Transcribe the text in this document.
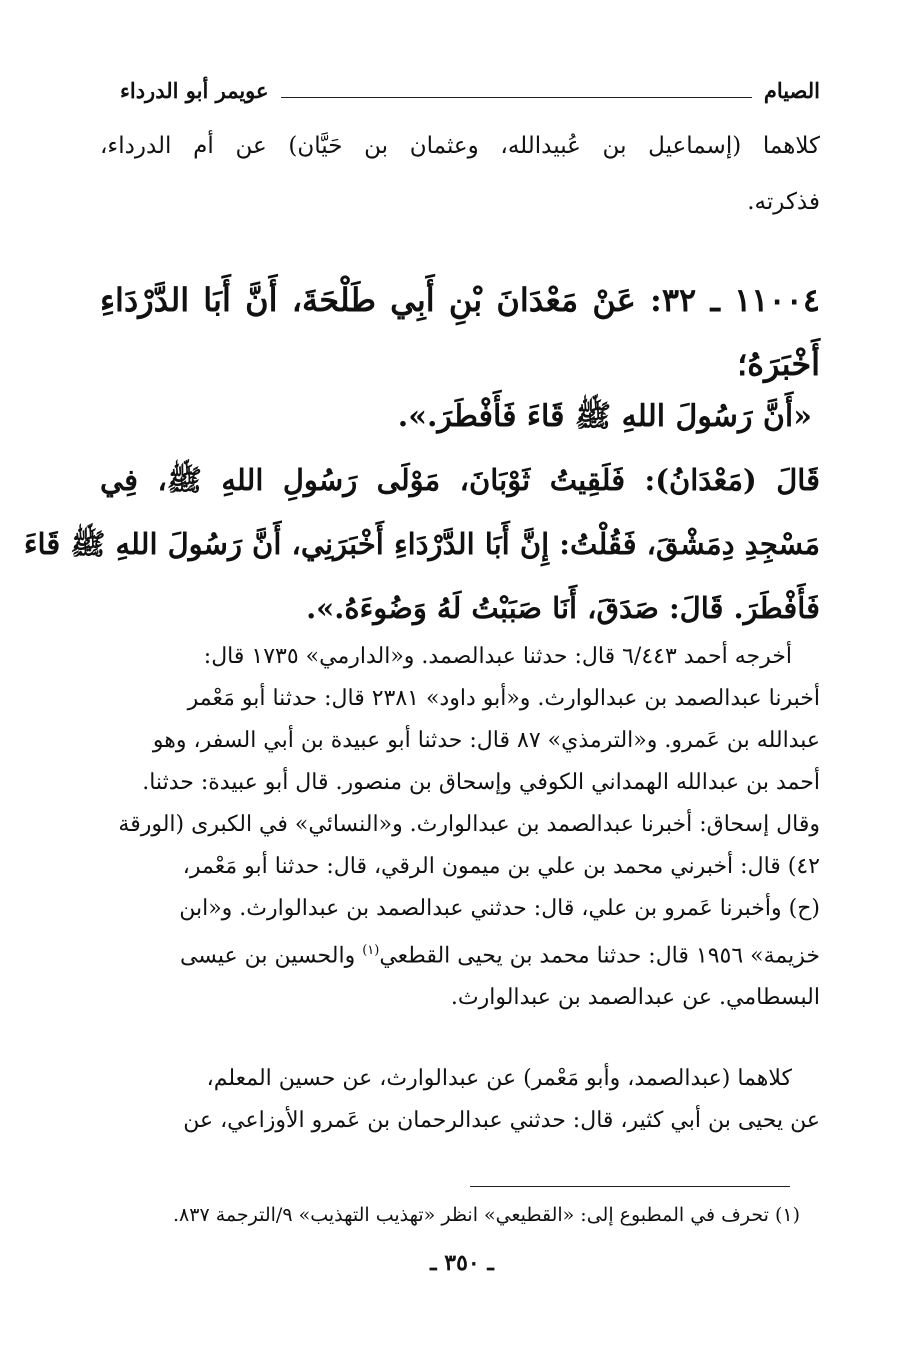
الصيام
عويمر أبو الدرداء
كلاهما (إسماعيل بن عُبيدالله، وعثمان بن حَيَّان) عن أم الدرداء،
فذكرته.
١١٠٠٤ ـ ٣٢: عَنْ مَعْدَانَ بْنِ أَبِي طَلْحَةَ، أَنَّ أَبَا الدَّرْدَاءِ
أَخْبَرَهُ؛
«أَنَّ رَسُولَ اللهِ ﷺ قَاءَ فَأَفْطَرَ.».
قَالَ (مَعْدَانُ): فَلَقِيتُ ثَوْبَانَ، مَوْلَى رَسُولِ اللهِ ﷺ، فِي
مَسْجِدِ دِمَشْقَ، فَقُلْتُ: إِنَّ أَبَا الدَّرْدَاءِ أَخْبَرَنِي، أَنَّ رَسُولَ اللهِ ﷺ قَاءَ
فَأَفْطَرَ. قَالَ: صَدَقَ، أَنَا صَبَبْتُ لَهُ وَضُوءَهُ.».
أخرجه أحمد ٦/٤٤٣ قال: حدثنا عبدالصمد. و«الدارمي» ١٧٣٥ قال:
أخبرنا عبدالصمد بن عبدالوارث. و«أبو داود» ٢٣٨١ قال: حدثنا أبو مَعْمر
عبدالله بن عَمرو. و«الترمذي» ٨٧ قال: حدثنا أبو عبيدة بن أبي السفر، وهو
أحمد بن عبدالله الهمداني الكوفي وإسحاق بن منصور. قال أبو عبيدة: حدثنا.
وقال إسحاق: أخبرنا عبدالصمد بن عبدالوارث. و«النسائي» في الكبرى (الورقة
٤٢) قال: أخبرني محمد بن علي بن ميمون الرقي، قال: حدثنا أبو مَعْمر،
(ح) وأخبرنا عَمرو بن علي، قال: حدثني عبدالصمد بن عبدالوارث. و«ابن
خزيمة» ١٩٥٦ قال: حدثنا محمد بن يحيى القطعي$^{(١)}$ والحسين بن عيسى
البسطامي. عن عبدالصمد بن عبدالوارث.
كلاهما (عبدالصمد، وأبو مَعْمر) عن عبدالوارث، عن حسين المعلم،
عن يحيى بن أبي كثير، قال: حدثني عبدالرحمان بن عَمرو الأوزاعي، عن
(١) تحرف في المطبوع إلى: «القطيعي» انظر «تهذيب التهذيب» ٩/الترجمة ٨٣٧.
ـ ٣٥٠ ـ
